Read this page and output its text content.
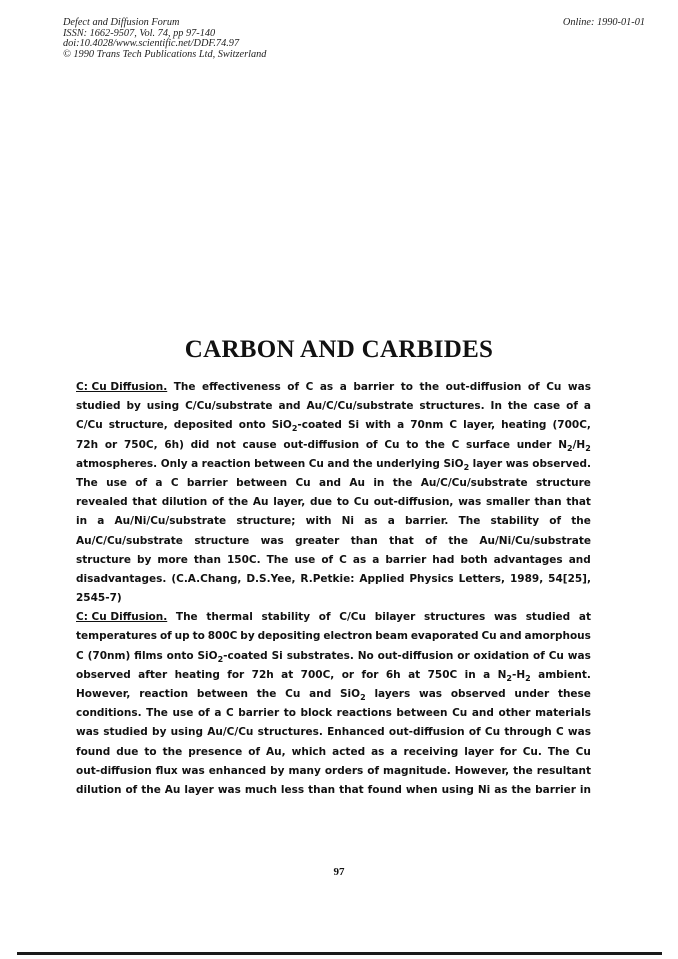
Defect and Diffusion Forum
ISSN: 1662-9507, Vol. 74, pp 97-140
doi:10.4028/www.scientific.net/DDF.74.97
© 1990 Trans Tech Publications Ltd, Switzerland
Online: 1990-01-01
CARBON AND CARBIDES
C: Cu Diffusion. The effectiveness of C as a barrier to the out-diffusion of Cu was
studied by using C/Cu/substrate and Au/C/Cu/substrate structures. In the case of a
C/Cu structure, deposited onto SiO 2 -coated Si with a 70nm C layer, heating (700C,
72h or 750C, 6h) did not cause out-diffusion of Cu to the C surface under N 2 /H 2
atmospheres. Only a reaction between Cu and the underlying SiO 2 layer was observed.
The use of a C barrier between Cu and Au in the Au/C/Cu/substrate structure
revealed that dilution of the Au layer, due to Cu out-diffusion, was smaller than that
in a Au/Ni/Cu/substrate structure; with Ni as a barrier. The stability of the
Au/C/Cu/substrate structure was greater than that of the Au/Ni/Cu/substrate
structure by more than 150C. The use of C as a barrier had both advantages and
disadvantages. (C.A.Chang, D.S.Yee, R.Petkie: Applied Physics Letters, 1989, 54[25],
2545-7)
C: Cu Diffusion. The thermal stability of C/Cu bilayer structures was studied at
temperatures of up to 800C by depositing electron beam evaporated Cu and amorphous
C (70nm) films onto SiO 2 -coated Si substrates. No out-diffusion or oxidation of Cu was
observed after heating for 72h at 700C, or for 6h at 750C in a N 2 -H 2 ambient.
However, reaction between the Cu and SiO 2 layers was observed under these
conditions. The use of a C barrier to block reactions between Cu and other materials
was studied by using Au/C/Cu structures. Enhanced out-diffusion of Cu through C was
found due to the presence of Au, which acted as a receiving layer for Cu. The Cu
out-diffusion flux was enhanced by many orders of magnitude. However, the resultant
dilution of the Au layer was much less than that found when using Ni as the barrier in
97
